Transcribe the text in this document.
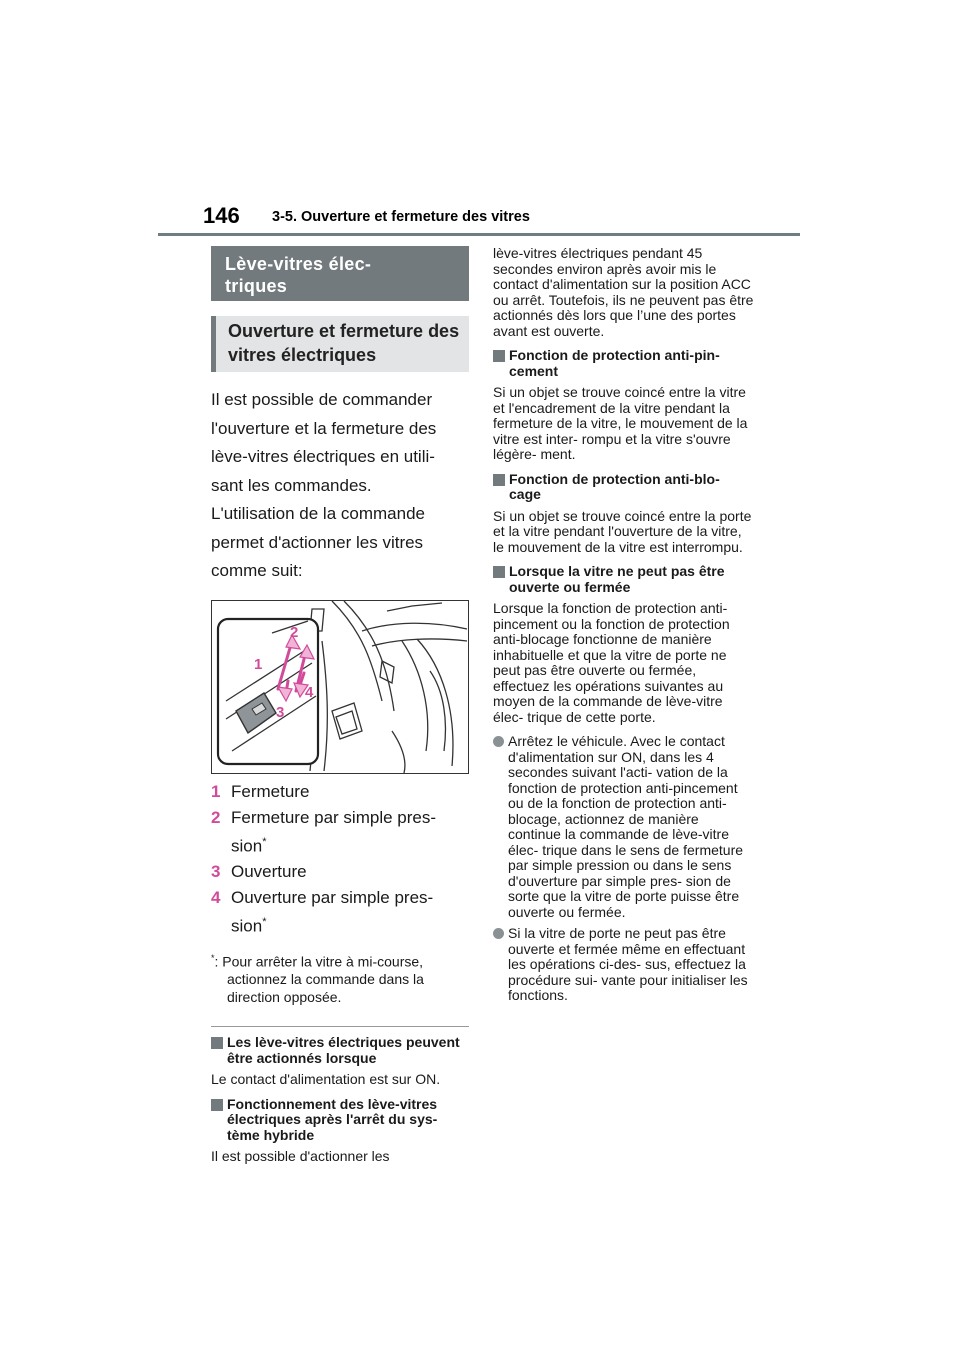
146 3-5. Ouverture et fermeture des vitres
Lève-vitres élec-
triques
Ouverture et fermeture des vitres électriques

Il est possible de commander l'ouverture et la fermeture des lève-vitres électriques en utili- sant les commandes.

L'utilisation de la commande permet d'actionner les vitres comme suit:

1
2
3
4
1 Fermeture
2 Fermeture par simple pres- sion*
3 Ouverture
4 Ouverture par simple pres- sion*
*: Pour arrêter la vitre à mi-course, actionnez la commande dans la direction opposée.
Les lève-vitres électriques peuvent être actionnés lorsque
Le contact d'alimentation est sur ON.
Fonctionnement des lève-vitres électriques après l'arrêt du sys- tème hybride
Il est possible d'actionner les
lève-vitres électriques pendant 45 secondes environ après avoir mis le contact d'alimentation sur la position ACC ou arrêt. Toutefois, ils ne peuvent pas être actionnés dès lors que l’une des portes avant est ouverte.
Fonction de protection anti-pin- cement
Si un objet se trouve coincé entre la vitre et l'encadrement de la vitre pendant la fermeture de la vitre, le mouvement de la vitre est inter- rompu et la vitre s'ouvre légère- ment.
Fonction de protection anti-blo- cage
Si un objet se trouve coincé entre la porte et la vitre pendant l'ouverture de la vitre, le mouvement de la vitre est interrompu.
Lorsque la vitre ne peut pas être ouverte ou fermée
Lorsque la fonction de protection anti-pincement ou la fonction de protection anti-blocage fonctionne de manière inhabituelle et que la vitre de porte ne peut pas être ouverte ou fermée, effectuez les opérations suivantes au moyen de la commande de lève-vitre élec- trique de cette porte.
Arrêtez le véhicule. Avec le contact d'alimentation sur ON, dans les 4 secondes suivant l'acti- vation de la fonction de protection anti-pincement ou de la fonction de protection anti-blocage, actionnez de manière continue la commande de lève-vitre élec- trique dans le sens de fermeture par simple pression ou dans le sens d'ouverture par simple pres- sion de sorte que la vitre de porte puisse être ouverte ou fermée.
Si la vitre de porte ne peut pas être ouverte et fermée même en effectuant les opérations ci-des- sus, effectuez la procédure sui- vante pour initialiser les fonctions.
